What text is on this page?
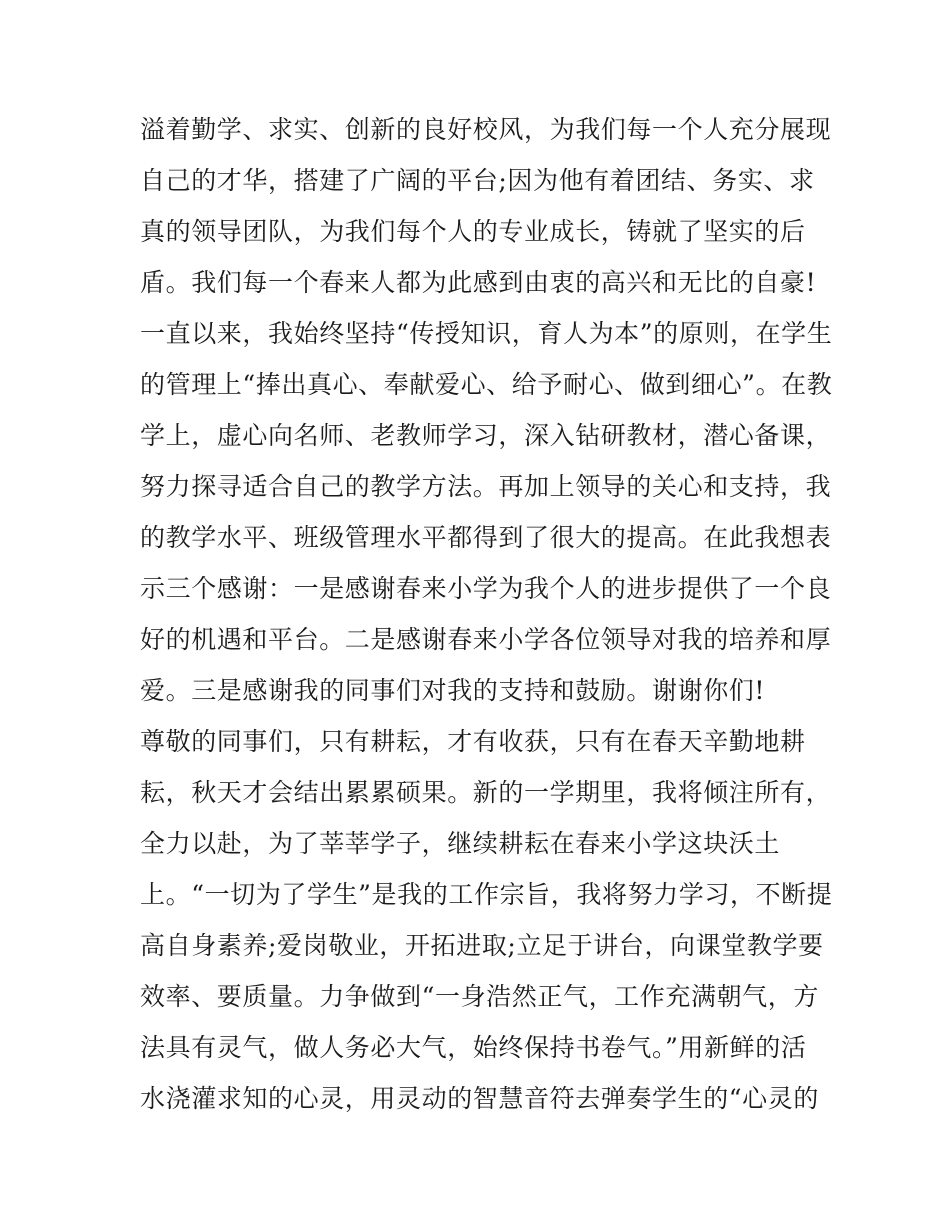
溢着勤学、求实、创新的良好校风，为我们每一个人充分展现
自己的才华，搭建了广阔的平台;因为他有着团结、务实、求
真的领导团队，为我们每个人的专业成长，铸就了坚实的后
盾。我们每一个春来人都为此感到由衷的高兴和无比的自豪!
一直以来，我始终坚持“传授知识，育人为本”的原则，在学生
的管理上“捧出真心、奉献爱心、给予耐心、做到细心”。在教
学上，虚心向名师、老教师学习，深入钻研教材，潜心备课，
努力探寻适合自己的教学方法。再加上领导的关心和支持，我
的教学水平、班级管理水平都得到了很大的提高。在此我想表
示三个感谢：一是感谢春来小学为我个人的进步提供了一个良
好的机遇和平台。二是感谢春来小学各位领导对我的培养和厚
爱。三是感谢我的同事们对我的支持和鼓励。谢谢你们!
尊敬的同事们，只有耕耘，才有收获，只有在春天辛勤地耕
耘，秋天才会结出累累硕果。新的一学期里，我将倾注所有，
全力以赴，为了莘莘学子，继续耕耘在春来小学这块沃土
上。“一切为了学生”是我的工作宗旨，我将努力学习，不断提
高自身素养;爱岗敬业，开拓进取;立足于讲台，向课堂教学要
效率、要质量。力争做到“一身浩然正气，工作充满朝气，方
法具有灵气，做人务必大气，始终保持书卷气。”用新鲜的活
水浇灌求知的心灵，用灵动的智慧音符去弹奏学生的“心灵的
